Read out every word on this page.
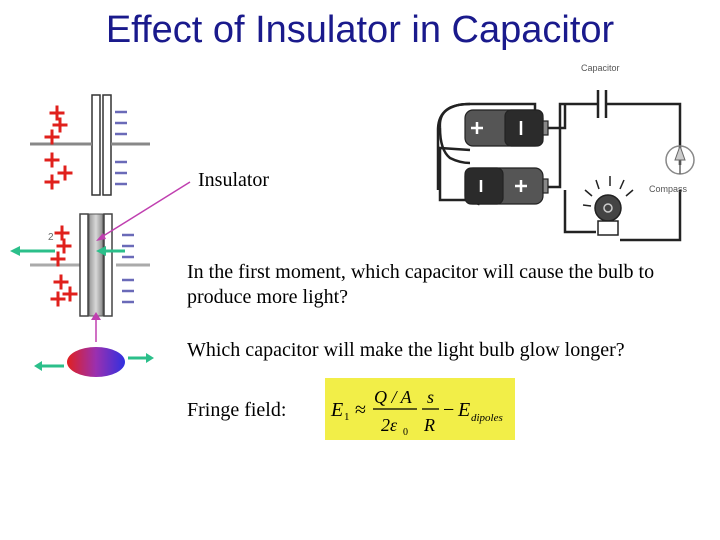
Effect of Insulator in Capacitor
Capacitor
Compass
2
Insulator
In the first moment, which capacitor will cause the bulb to produce more light?
Which capacitor will make the light bulb glow longer?
Fringe field: E 1 ≈
Q / A
2ε 0
s
R
− E dipoles
